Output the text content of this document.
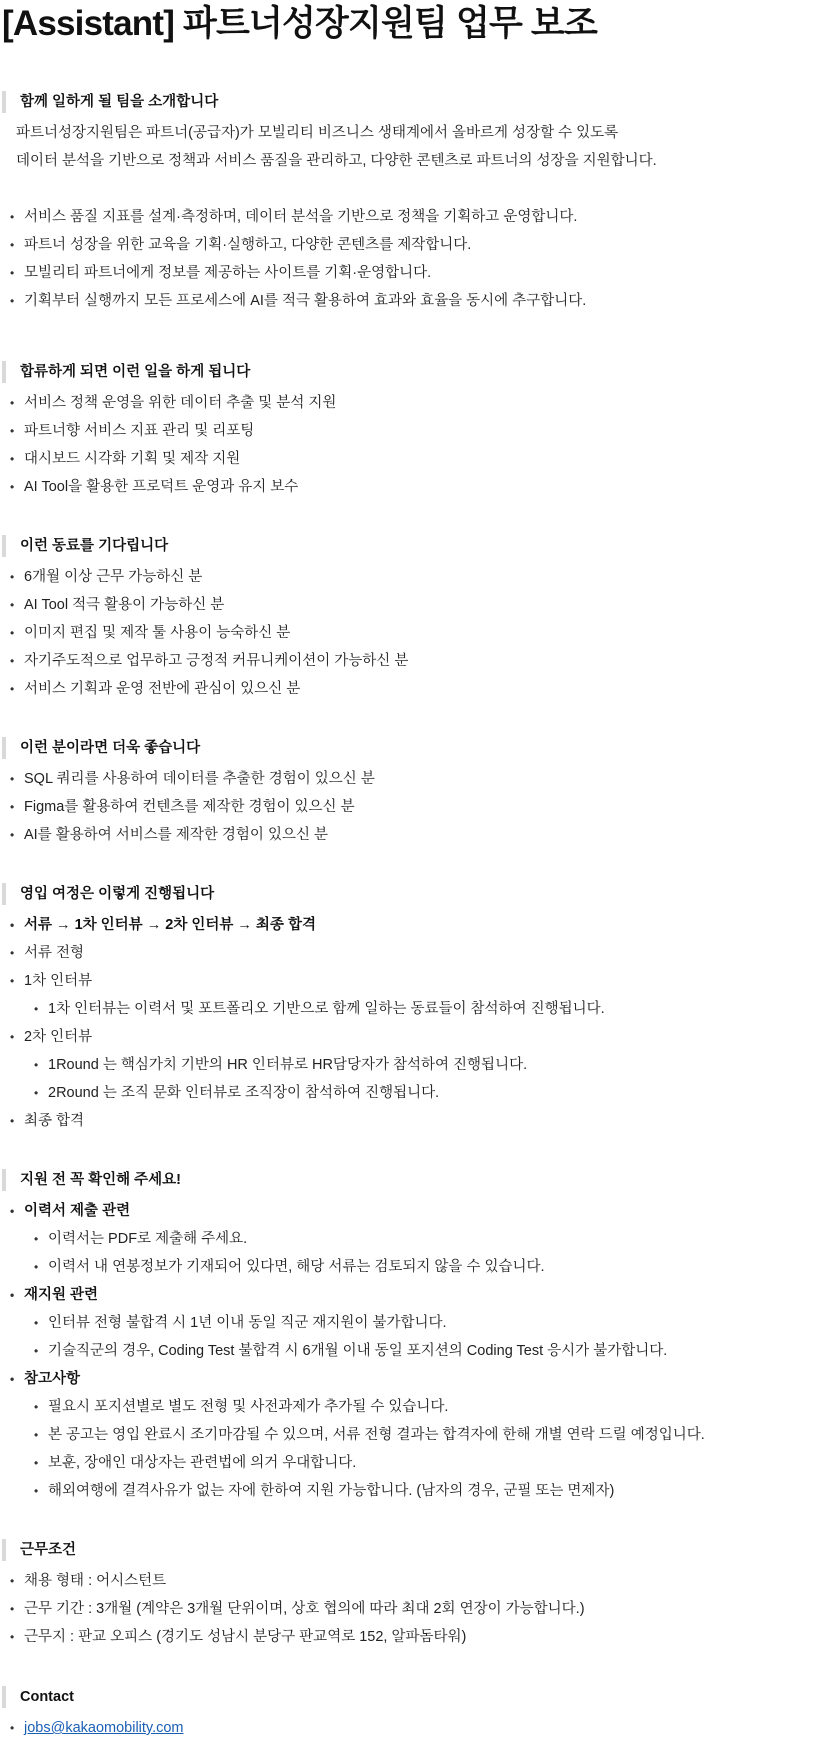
[Assistant] 파트너성장지원팀 업무 보조
함께 일하게 될 팀을 소개합니다
파트너성장지원팀은 파트너(공급자)가 모빌리티 비즈니스 생태계에서 올바르게 성장할 수 있도록
데이터 분석을 기반으로 정책과 서비스 품질을 관리하고, 다양한 콘텐츠로 파트너의 성장을 지원합니다.
• 서비스 품질 지표를 설계·측정하며, 데이터 분석을 기반으로 정책을 기획하고 운영합니다.
• 파트너 성장을 위한 교육을 기획·실행하고, 다양한 콘텐츠를 제작합니다.
• 모빌리티 파트너에게 정보를 제공하는 사이트를 기획·운영합니다.
• 기획부터 실행까지 모든 프로세스에 AI를 적극 활용하여 효과와 효율을 동시에 추구합니다.
합류하게 되면 이런 일을 하게 됩니다
• 서비스 정책 운영을 위한 데이터 추출 및 분석 지원
• 파트너향 서비스 지표 관리 및 리포팅
• 대시보드 시각화 기획 및 제작 지원
• AI Tool을 활용한 프로덕트 운영과 유지 보수
이런 동료를 기다립니다
• 6개월 이상 근무 가능하신 분
• AI Tool 적극 활용이 가능하신 분
• 이미지 편집 및 제작 툴 사용이 능숙하신 분
• 자기주도적으로 업무하고 긍정적 커뮤니케이션이 가능하신 분
• 서비스 기획과 운영 전반에 관심이 있으신 분
이런 분이라면 더욱 좋습니다
• SQL 쿼리를 사용하여 데이터를 추출한 경험이 있으신 분
• Figma를 활용하여 컨텐츠를 제작한 경험이 있으신 분
• AI를 활용하여 서비스를 제작한 경험이 있으신 분
영입 여정은 이렇게 진행됩니다
• 서류 → 1차 인터뷰 → 2차 인터뷰 → 최종 합격
• 서류 전형
• 1차 인터뷰
• 1차 인터뷰는 이력서 및 포트폴리오 기반으로 함께 일하는 동료들이 참석하여 진행됩니다.
• 2차 인터뷰
• 1Round 는 핵심가치 기반의 HR 인터뷰로 HR담당자가 참석하여 진행됩니다.
• 2Round 는 조직 문화 인터뷰로 조직장이 참석하여 진행됩니다.
• 최종 합격
지원 전 꼭 확인해 주세요!
• 이력서 제출 관련
• 이력서는 PDF로 제출해 주세요.
• 이력서 내 연봉정보가 기재되어 있다면, 해당 서류는 검토되지 않을 수 있습니다.
• 재지원 관련
• 인터뷰 전형 불합격 시 1년 이내 동일 직군 재지원이 불가합니다.
• 기술직군의 경우, Coding Test 불합격 시 6개월 이내 동일 포지션의 Coding Test 응시가 불가합니다.
• 참고사항
• 필요시 포지션별로 별도 전형 및 사전과제가 추가될 수 있습니다.
• 본 공고는 영입 완료시 조기마감될 수 있으며, 서류 전형 결과는 합격자에 한해 개별 연락 드릴 예정입니다.
• 보훈, 장애인 대상자는 관련법에 의거 우대합니다.
• 해외여행에 결격사유가 없는 자에 한하여 지원 가능합니다. (남자의 경우, 군필 또는 면제자)
근무조건
• 채용 형태 : 어시스턴트
• 근무 기간 : 3개월 (계약은 3개월 단위이며, 상호 협의에 따라 최대 2회 연장이 가능합니다.)
• 근무지 : 판교 오피스 (경기도 성남시 분당구 판교역로 152, 알파돔타워)
Contact
• jobs@kakaomobility.com
